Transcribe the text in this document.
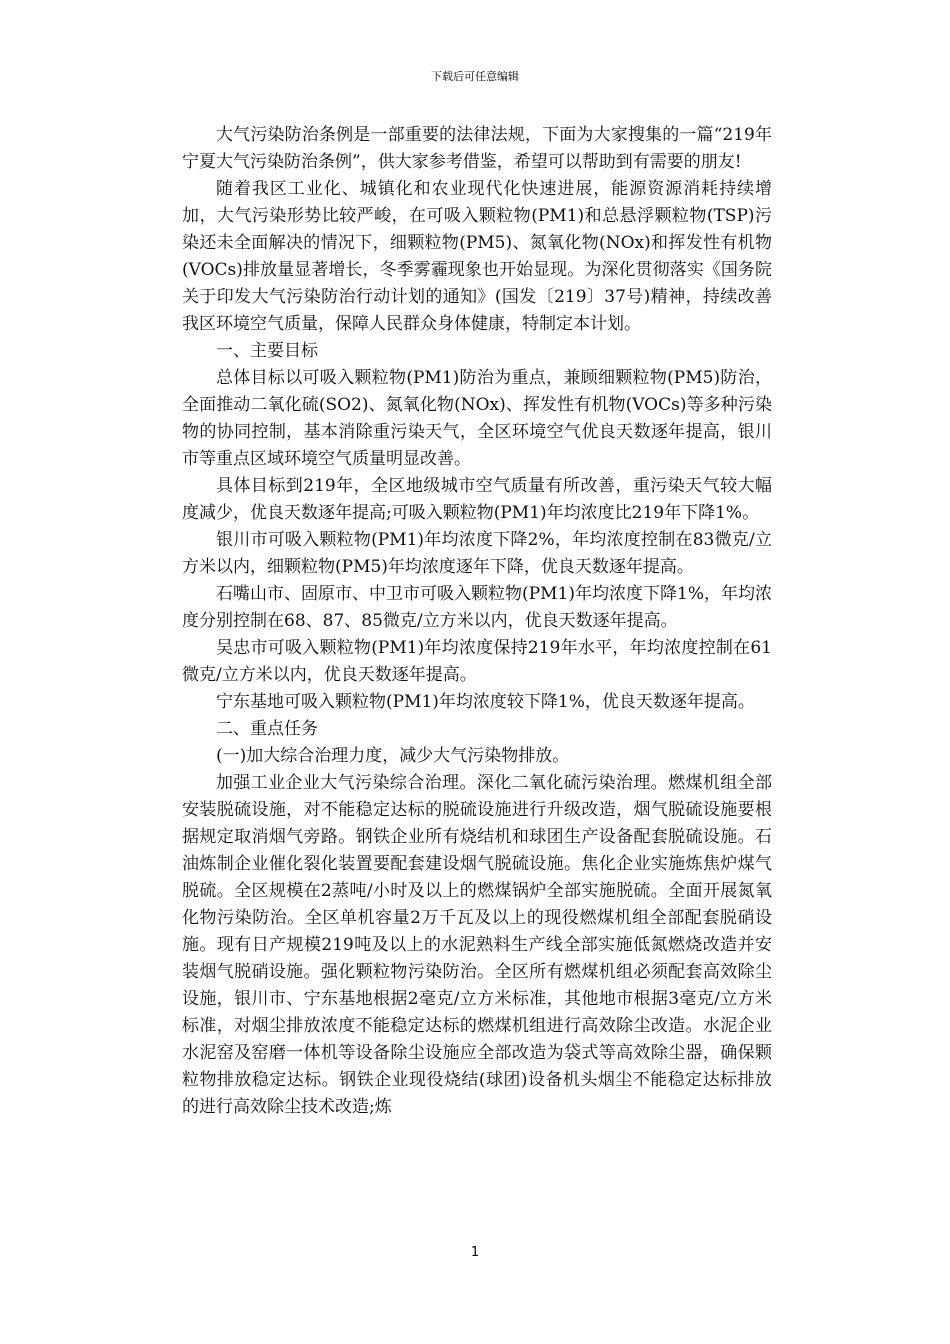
下载后可任意编辑

大气污染防治条例是一部重要的法律法规，下面为大家搜集的一篇“219年宁夏大气污染防治条例”，供大家参考借鉴，希望可以帮助到有需要的朋友!

随着我区工业化、城镇化和农业现代化快速进展，能源资源消耗持续增加，大气污染形势比较严峻，在可吸入颗粒物(PM1)和总悬浮颗粒物(TSP)污染还未全面解决的情况下，细颗粒物(PM5)、氮氧化物(NOx)和挥发性有机物(VOCs)排放量显著增长，冬季雾霾现象也开始显现。为深化贯彻落实《国务院关于印发大气污染防治行动计划的通知》(国发〔219〕37号)精神，持续改善我区环境空气质量，保障人民群众身体健康，特制定本计划。

一、主要目标

总体目标以可吸入颗粒物(PM1)防治为重点，兼顾细颗粒物(PM5)防治，全面推动二氧化硫(SO2)、氮氧化物(NOx)、挥发性有机物(VOCs)等多种污染物的协同控制，基本消除重污染天气，全区环境空气优良天数逐年提高，银川市等重点区域环境空气质量明显改善。

具体目标到219年，全区地级城市空气质量有所改善，重污染天气较大幅度减少，优良天数逐年提高;可吸入颗粒物(PM1)年均浓度比219年下降1%。

银川市可吸入颗粒物(PM1)年均浓度下降2%，年均浓度控制在83微克/立方米以内，细颗粒物(PM5)年均浓度逐年下降，优良天数逐年提高。

石嘴山市、固原市、中卫市可吸入颗粒物(PM1)年均浓度下降1%，年均浓度分别控制在68、87、85微克/立方米以内，优良天数逐年提高。

吴忠市可吸入颗粒物(PM1)年均浓度保持219年水平，年均浓度控制在61微克/立方米以内，优良天数逐年提高。

宁东基地可吸入颗粒物(PM1)年均浓度较下降1%，优良天数逐年提高。

二、重点任务

(一)加大综合治理力度，减少大气污染物排放。

加强工业企业大气污染综合治理。深化二氧化硫污染治理。燃煤机组全部安装脱硫设施，对不能稳定达标的脱硫设施进行升级改造，烟气脱硫设施要根据规定取消烟气旁路。钢铁企业所有烧结机和球团生产设备配套脱硫设施。石油炼制企业催化裂化装置要配套建设烟气脱硫设施。焦化企业实施炼焦炉煤气脱硫。全区规模在2蒸吨/小时及以上的燃煤锅炉全部实施脱硫。全面开展氮氧化物污染防治。全区单机容量2万千瓦及以上的现役燃煤机组全部配套脱硝设施。现有日产规模219吨及以上的水泥熟料生产线全部实施低氮燃烧改造并安装烟气脱硝设施。强化颗粒物污染防治。全区所有燃煤机组必须配套高效除尘设施，银川市、宁东基地根据2毫克/立方米标准，其他地市根据3毫克/立方米标准，对烟尘排放浓度不能稳定达标的燃煤机组进行高效除尘改造。水泥企业水泥窑及窑磨一体机等设备除尘设施应全部改造为袋式等高效除尘器，确保颗粒物排放稳定达标。钢铁企业现役烧结(球团)设备机头烟尘不能稳定达标排放的进行高效除尘技术改造;炼

1
